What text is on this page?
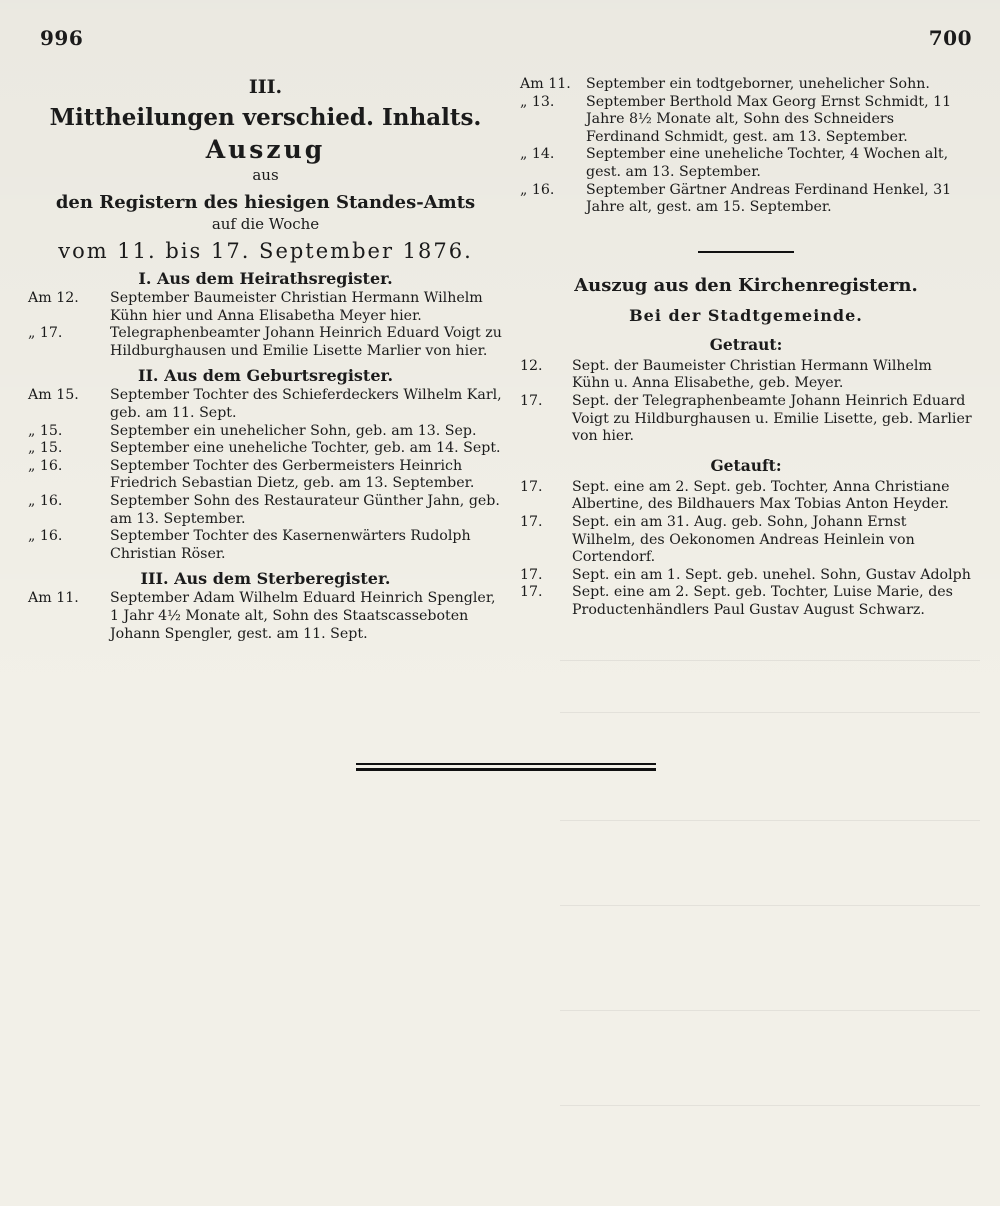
996	700
III.
Mittheilungen verschied. Inhalts.
Auszug
aus
den Registern des hiesigen Standes-Amts
auf die Woche
vom 11. bis 17. September 1876.
I. Aus dem Heirathsregister.
Am 12. September Baumeister Christian Hermann Wilhelm Kühn hier und Anna Elisabetha Meyer hier.
„ 17.	Telegraphenbeamter Johann Heinrich Eduard Voigt zu Hildburghausen und Emilie Lisette Marlier von hier.
II. Aus dem Geburtsregister.
Am 15. September Tochter des Schieferdeckers Wilhelm Karl, geb. am 11. Sept.
„ 15.	September ein unehelicher Sohn, geb. am 13. Sep.
„ 15.	September eine uneheliche Tochter, geb. am 14. Sept.
„ 16.	September Tochter des Gerbermeisters Heinrich Friedrich Sebastian Dietz, geb. am 13. September.
„ 16.	September Sohn des Restaurateur Günther Jahn, geb. am 13. September.
„ 16.	September Tochter des Kasernenwärters Rudolph Christian Röser.
III. Aus dem Sterberegister.
Am 11. September Adam Wilhelm Eduard Heinrich Spengler, 1 Jahr 4½ Monate alt, Sohn des Staatscasseboten Johann Spengler, gest. am 11. Sept.
Am 11. September ein todtgeborner, unehelicher Sohn.
„ 13. September Berthold Max Georg Ernst Schmidt, 11 Jahre 8½ Monate alt, Sohn des Schneiders Ferdinand Schmidt, gest. am 13. September.
„ 14. September eine uneheliche Tochter, 4 Wochen alt, gest. am 13. September.
„ 16. September Gärtner Andreas Ferdinand Henkel, 31 Jahre alt, gest. am 15. September.
Auszug aus den Kirchenregistern.
Bei der Stadtgemeinde.
Getraut:
12. Sept. der Baumeister Christian Hermann Wilhelm Kühn u. Anna Elisabethe, geb. Meyer.
17. Sept. der Telegraphenbeamte Johann Heinrich Eduard Voigt zu Hildburghausen u. Emilie Lisette, geb. Marlier von hier.
Getauft:
17. Sept. eine am 2. Sept. geb. Tochter, Anna Christiane Albertine, des Bildhauers Max Tobias Anton Heyder.
17. Sept. ein am 31. Aug. geb. Sohn, Johann Ernst Wilhelm, des Oekonomen Andreas Heinlein von Cortendorf.
17. Sept. ein am 1. Sept. geb. unehel. Sohn, Gustav Adolph
17. Sept. eine am 2. Sept. geb. Tochter, Luise Marie, des Productenhändlers Paul Gustav August Schwarz.
